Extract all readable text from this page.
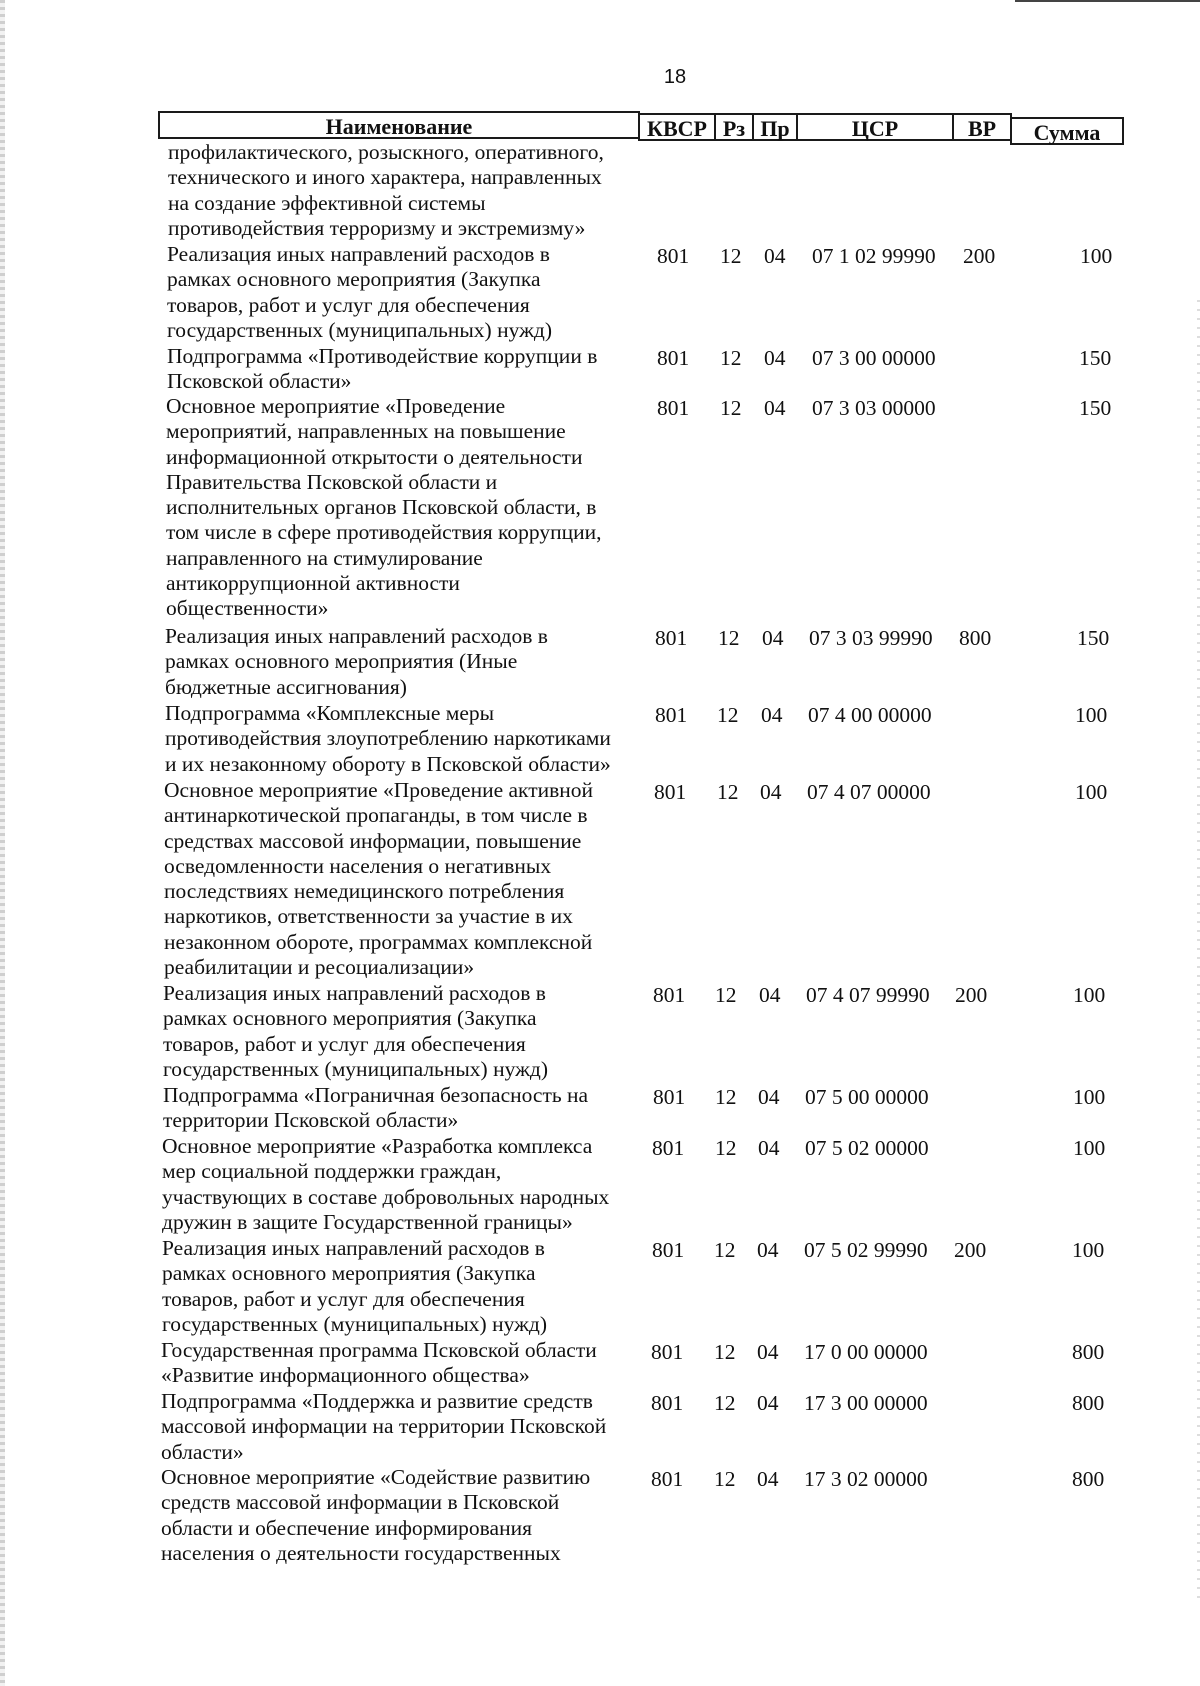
18
Наименование	КВСР Рз Пр	ЦСР	ВР	Сумма
профилактического, розыскного, оперативного,
технического и иного характера, направленных
на создание эффективной системы
противодействия терроризму и экстремизму»
Реализация иных направлений расходов в
рамках основного мероприятия (Закупка
товаров, работ и услуг для обеспечения
государственных (муниципальных) нужд)
801 12 04 07 1 02 99990 200	100
Подпрограмма «Противодействие коррупции в
Псковской области»
801 12 04 07 3 00 00000	150
Основное мероприятие «Проведение
мероприятий, направленных на повышение
информационной открытости о деятельности
Правительства Псковской области и
исполнительных органов Псковской области, в
том числе в сфере противодействия коррупции,
направленного на стимулирование
антикоррупционной активности
общественности»
801 12 04 07 3 03 00000	150
Реализация иных направлений расходов в
рамках основного мероприятия (Иные
бюджетные ассигнования)
801 12 04 07 3 03 99990 800	150
Подпрограмма «Комплексные меры
противодействия злоупотреблению наркотиками
и их незаконному обороту в Псковской области»
801 12 04 07 4 00 00000	100
Основное мероприятие «Проведение активной
антинаркотической пропаганды, в том числе в
средствах массовой информации, повышение
осведомленности населения о негативных
последствиях немедицинского потребления
наркотиков, ответственности за участие в их
незаконном обороте, программах комплексной
реабилитации и ресоциализации»
801 12 04 07 4 07 00000	100
Реализация иных направлений расходов в
рамках основного мероприятия (Закупка
товаров, работ и услуг для обеспечения
государственных (муниципальных) нужд)
801 12 04 07 4 07 99990 200	100
Подпрограмма «Пограничная безопасность на
территории Псковской области»
801 12 04 07 5 00 00000	100
Основное мероприятие «Разработка комплекса
мер социальной поддержки граждан,
участвующих в составе добровольных народных
дружин в защите Государственной границы»
801 12 04 07 5 02 00000	100
Реализация иных направлений расходов в
рамках основного мероприятия (Закупка
товаров, работ и услуг для обеспечения
государственных (муниципальных) нужд)
801 12 04 07 5 02 99990 200	100
Государственная программа Псковской области
«Развитие информационного общества»
801 12 04 17 0 00 00000	800
Подпрограмма «Поддержка и развитие средств
массовой информации на территории Псковской
области»
801 12 04 17 3 00 00000	800
Основное мероприятие «Содействие развитию
средств массовой информации в Псковской
области и обеспечение информирования
населения о деятельности государственных
801 12 04 17 3 02 00000	800
